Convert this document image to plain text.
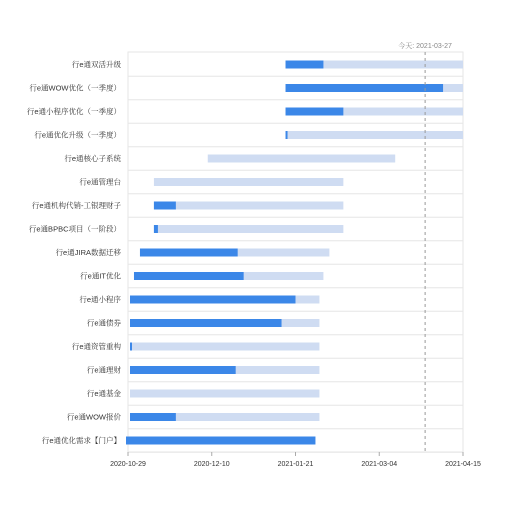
行e通双活升级
行e通WOW优化（一季度）
行e通小程序优化（一季度）
行e通优化升级（一季度）
行e通核心子系统
行e通管理台
行e通机构代销-工银理财子
行e通BPBC项目（一阶段）
行e通JIRA数据迁移
行e通IT优化
行e通小程序
行e通债券
行e通资管重构
行e通理财
行e通基金
行e通WOW报价
行e通优化需求【门户】
2020-10-29	2020-12-10	2021-01-21	2021-03-04	2021-04-15
今天: 2021-03-27
